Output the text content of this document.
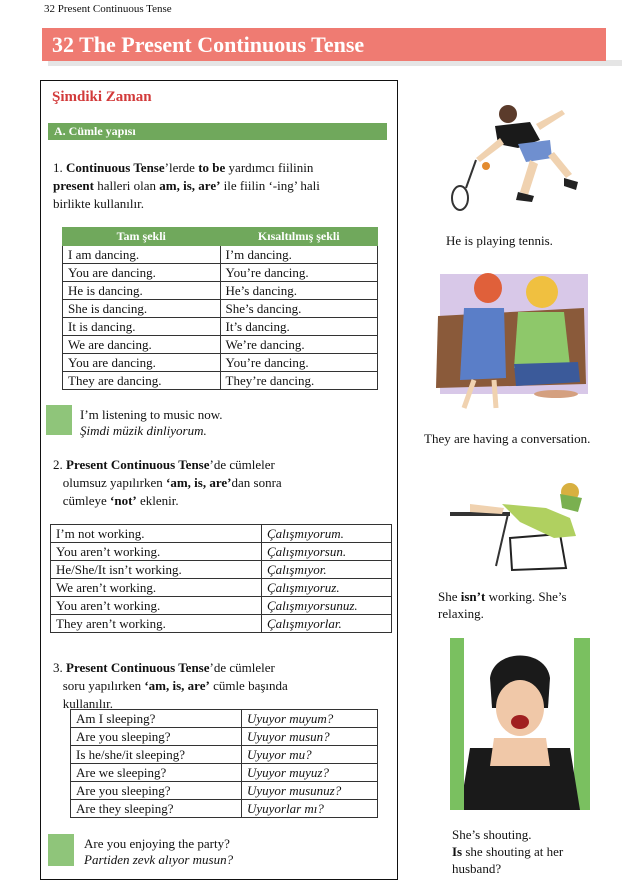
32 Present Continuous Tense
32 The Present Continuous Tense
Şimdiki Zaman
A. Cümle yapısı
1. Continuous Tense’lerde to be yardımcı fiilinin
present halleri olan am, is, are’ ile fiilin ‘-ing’ hali
birlikte kullanılır.
Tam şekli	Kısaltılmış şekli
I am dancing.	I’m dancing.
You are dancing.	You’re dancing.
He is dancing.	He’s dancing.
She is dancing.	She’s dancing.
It is dancing.	It’s dancing.
We are dancing.	We’re dancing.
You are dancing.	You’re dancing.
They are dancing.	They’re dancing.
I’m listening to music now.
Şimdi müzik dinliyorum.
2. Present Continuous Tense’de cümleler
olumsuz yapılırken ‘am, is, are’dan sonra
cümleye ‘not’ eklenir.
I’m not working.	Çalışmıyorum.
You aren’t working.	Çalışmıyorsun.
He/She/It isn’t working.	Çalışmıyor.
We aren’t working.	Çalışmıyoruz.
You aren’t working.	Çalışmıyorsunuz.
They aren’t working.	Çalışmıyorlar.
3. Present Continuous Tense’de cümleler
soru yapılırken ‘am, is, are’ cümle başında
kullanılır.
Am I sleeping?	Uyuyor muyum?
Are you sleeping?	Uyuyor musun?
Is he/she/it sleeping?	Uyuyor mu?
Are we sleeping?	Uyuyor muyuz?
Are you sleeping?	Uyuyor musunuz?
Are they sleeping?	Uyuyorlar mı?
Are you enjoying the party?
Partiden zevk alıyor musun?
He is playing tennis.
They are having a conversation.
She isn’t working. She’s
relaxing.
She’s shouting.
Is she shouting at her
husband?
